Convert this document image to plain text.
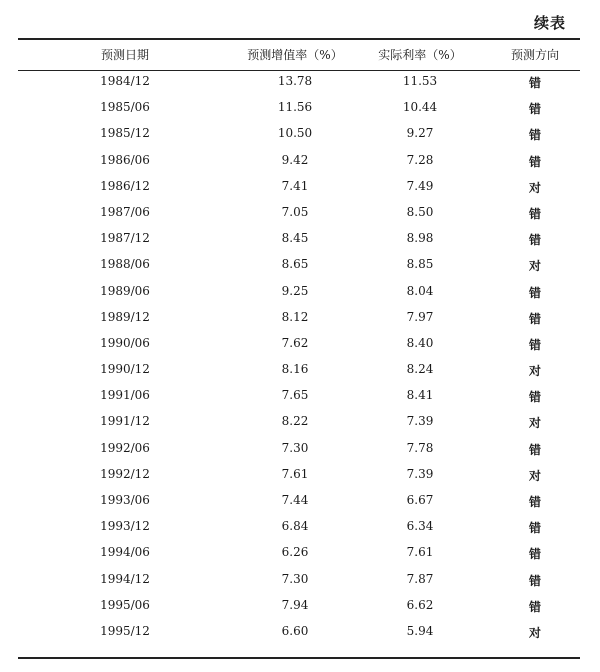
续表
预测日期	预测增值率（%）	实际利率（%）	预测方向
1984/12	13.78	11.53	错
1985/06	11.56	10.44	错
1985/12	10.50	9.27	错
1986/06	9.42	7.28	错
1986/12	7.41	7.49	对
1987/06	7.05	8.50	错
1987/12	8.45	8.98	错
1988/06	8.65	8.85	对
1989/06	9.25	8.04	错
1989/12	8.12	7.97	错
1990/06	7.62	8.40	错
1990/12	8.16	8.24	对
1991/06	7.65	8.41	错
1991/12	8.22	7.39	对
1992/06	7.30	7.78	错
1992/12	7.61	7.39	对
1993/06	7.44	6.67	错
1993/12	6.84	6.34	错
1994/06	6.26	7.61	错
1994/12	7.30	7.87	错
1995/06	7.94	6.62	错
1995/12	6.60	5.94	对
